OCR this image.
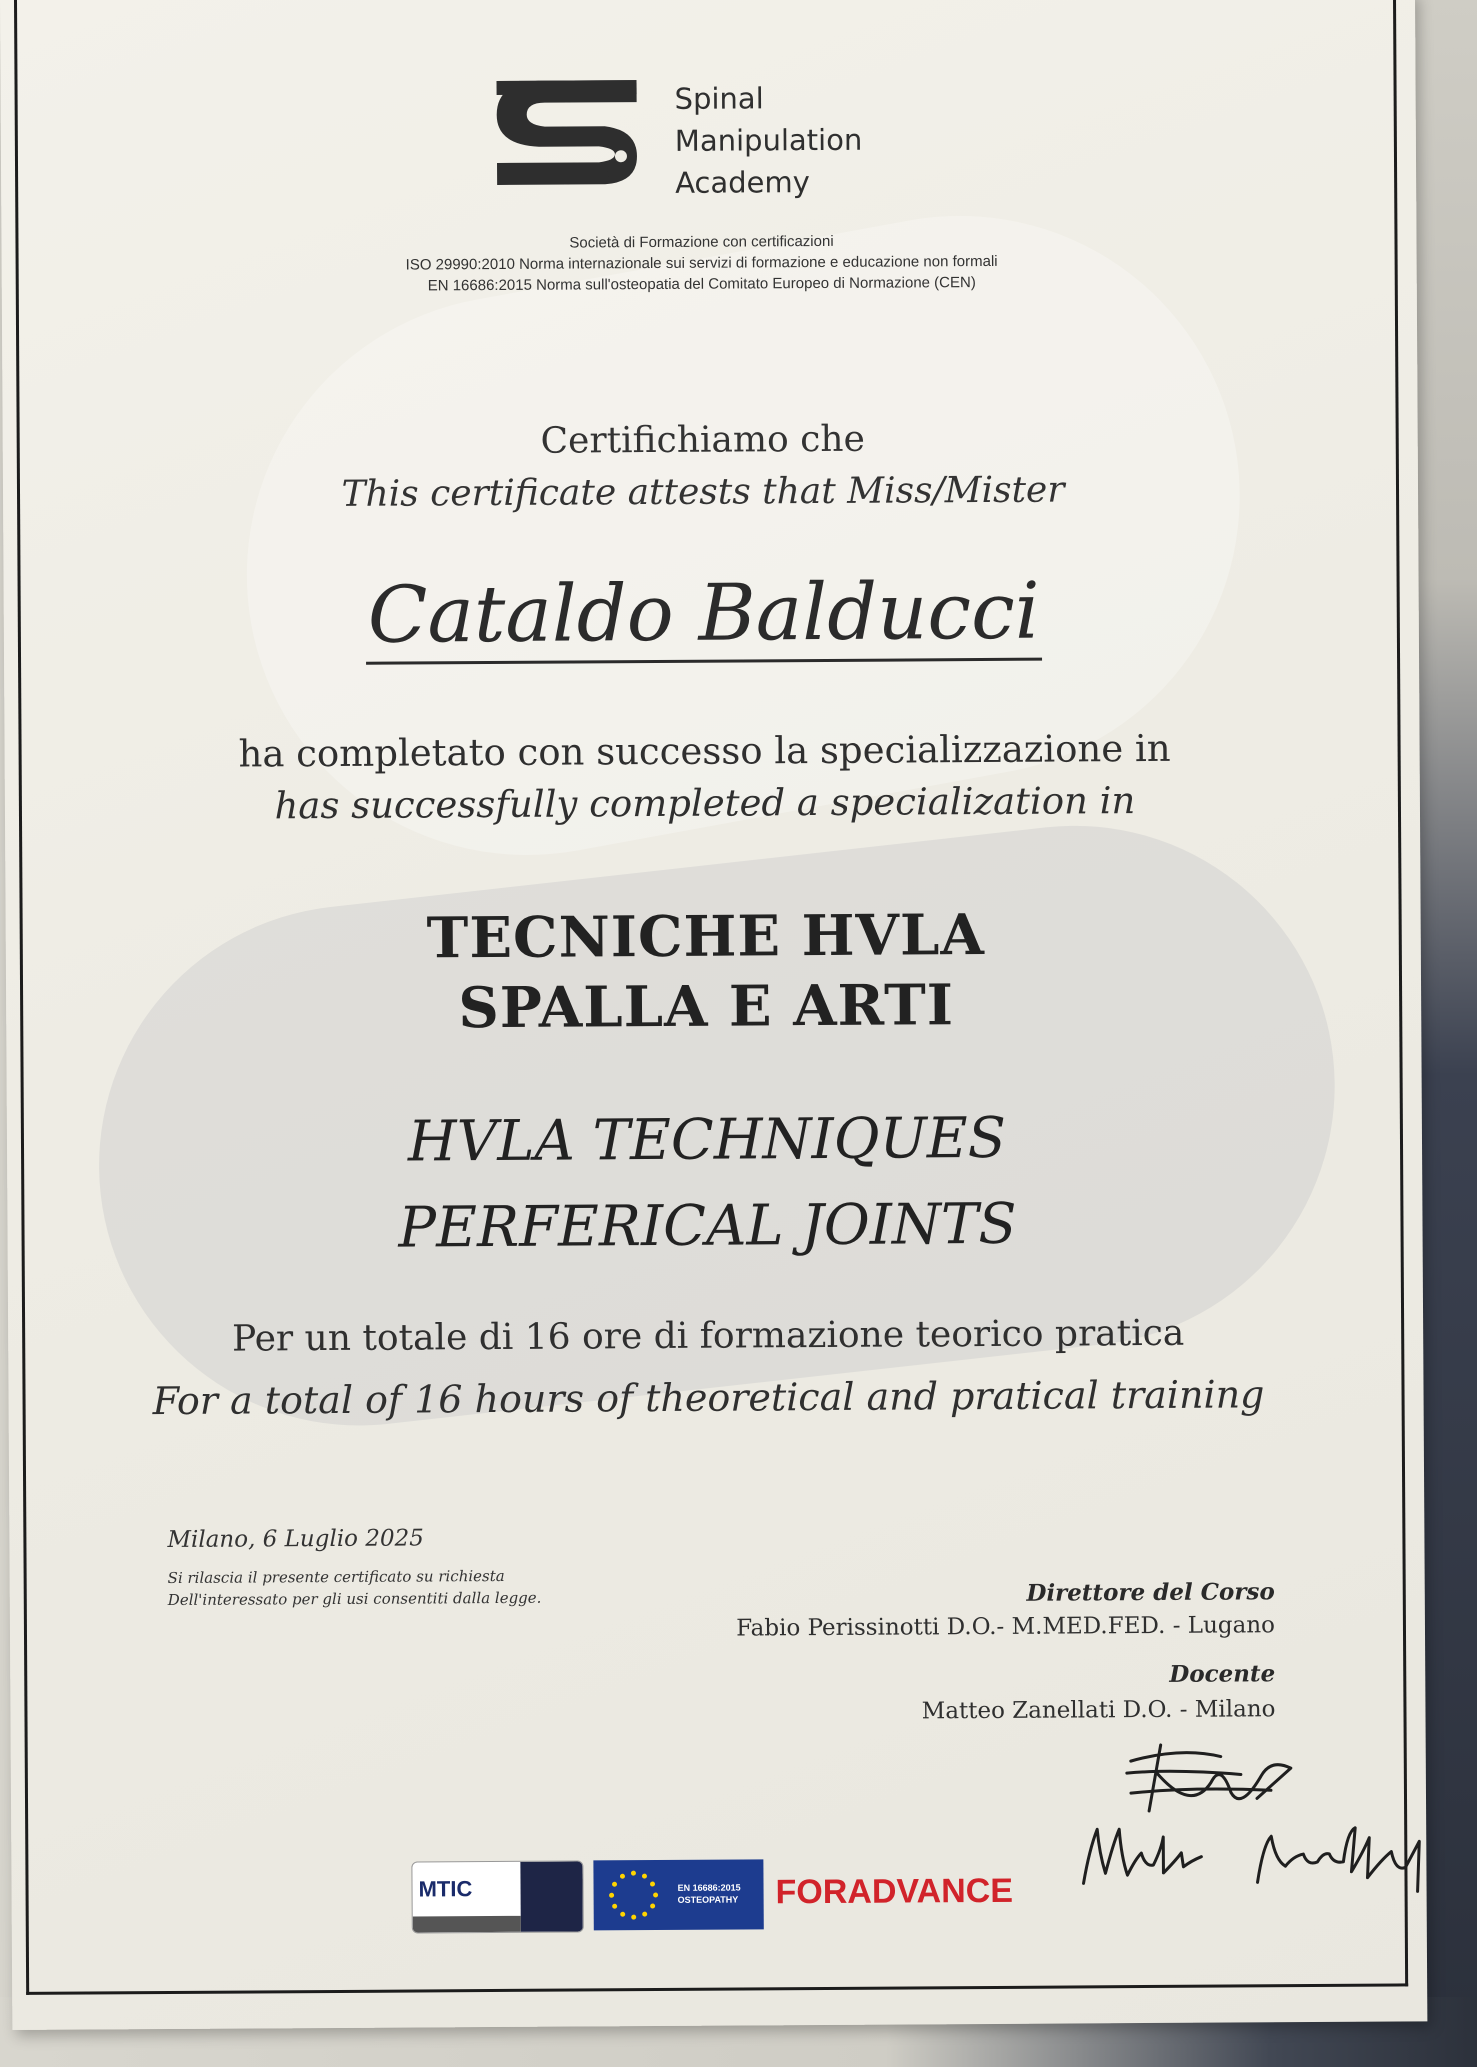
Spinal
Manipulation
Academy
Società di Formazione con certificazioni
ISO 29990:2010 Norma internazionale sui servizi di formazione e educazione non formali
EN 16686:2015 Norma sull'osteopatia del Comitato Europeo di Normazione (CEN)
Certifichiamo che
This certificate attests that Miss/Mister
Cataldo Balducci
ha completato con successo la specializzazione in
has successfully completed a specialization in
TECNICHE HVLA
SPALLA E ARTI
HVLA TECHNIQUES
PERFERICAL JOINTS
Per un totale di 16 ore di formazione teorico pratica
For a total of 16 hours of theoretical and pratical training
Milano, 6 Luglio 2025
Si rilascia il presente certificato su richiesta
Dell'interessato per gli usi consentiti dalla legge.	Direttore del Corso
Fabio Perissinotti D.O.- M.MED.FED. - Lugano
Docente
Matteo Zanellati D.O. - Milano
MTIC	EN 16686:2015
OSTEOPATHY FORADVANCE
